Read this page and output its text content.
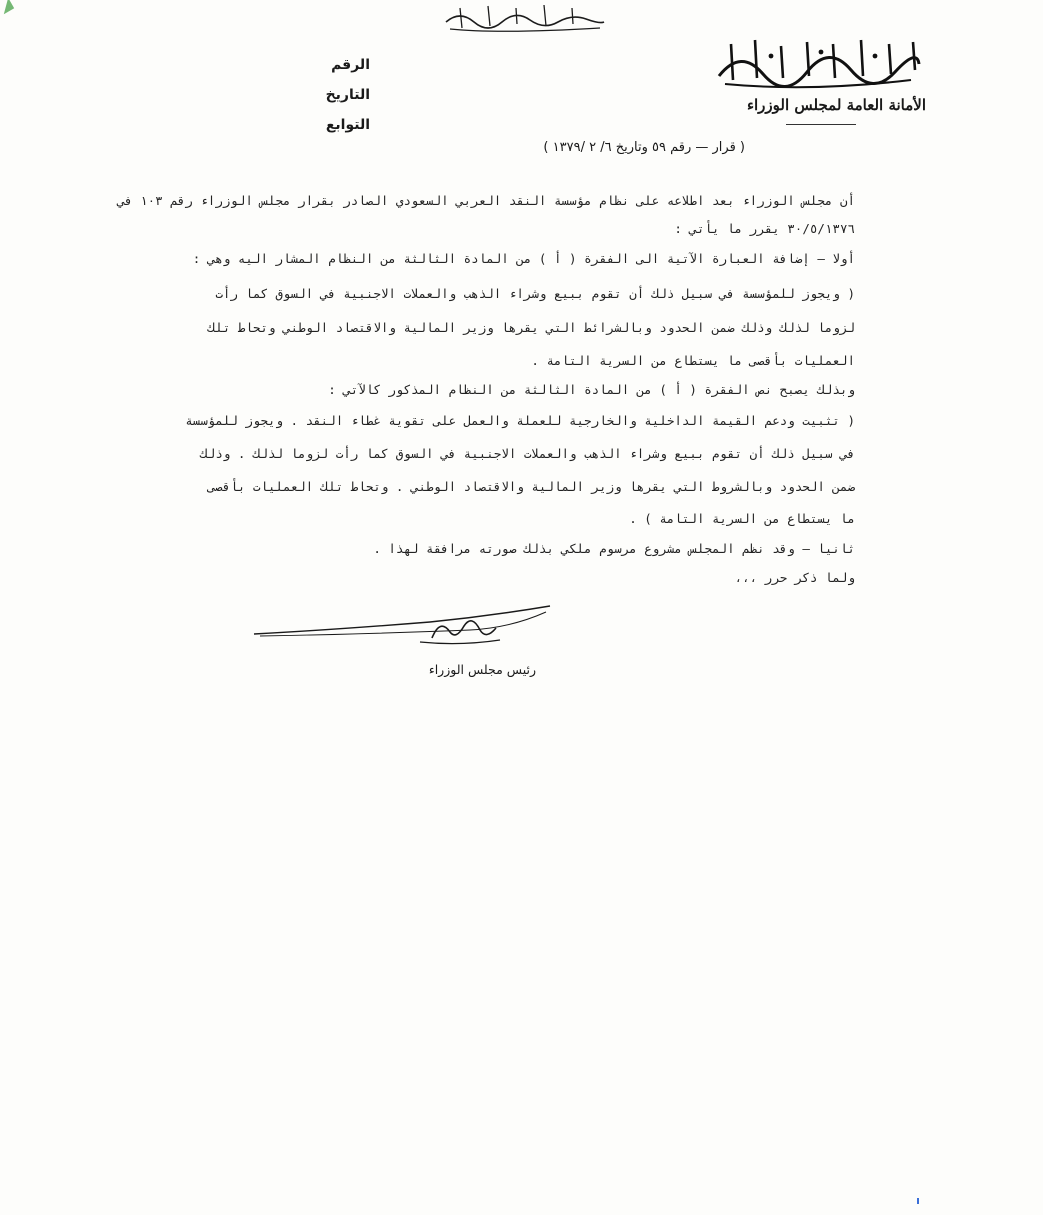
الأمانة العامة لمجلس الوزراء
الرقم
التاريخ
التوابع
( قرار — رقم ٥٩ وتاريخ ٦/ ٢ /١٣٧٩ )
أن مجلس الوزراء بعد اطلاعه على نظام مؤسسة النقد العربي السعودي الصادر بقرار مجلس الوزراء رقم ١٠٣ في
٣٠/٥/١٣٧٦ يقرر ما يأتي :
أولا — إضافة العبارة الآتية الى الفقرة ( أ ) من المادة الثالثة من النظام المشار اليه وهي :
( ويجوز للمؤسسة في سبيل ذلك أن تقوم ببيع وشراء الذهب والعملات الاجنبية في السوق كما رأت
لزوما لذلك وذلك ضمن الحدود وبالشرائط التي يقرها وزير المالية والاقتصاد الوطني وتحاط تلك
العمليات بأقصى ما يستطاع من السرية التامة .
وبذلك يصبح نص الفقرة ( أ ) من المادة الثالثة من النظام المذكور كالآتي :
( تثبيت ودعم القيمة الداخلية والخارجية للعملة والعمل على تقوية غطاء النقد . ويجوز للمؤسسة
في سبيل ذلك أن تقوم ببيع وشراء الذهب والعملات الاجنبية في السوق كما رأت لزوما لذلك . وذلك
ضمن الحدود وبالشروط التي يقرها وزير المالية والاقتصاد الوطني . وتحاط تلك العمليات بأقصى
ما يستطاع من السرية التامة ) .
ثانيا — وقد نظم المجلس مشروع مرسوم ملكي بذلك صورته مرافقة لهذا .
ولما ذكر حرر ،،،
رئيس مجلس الوزراء
